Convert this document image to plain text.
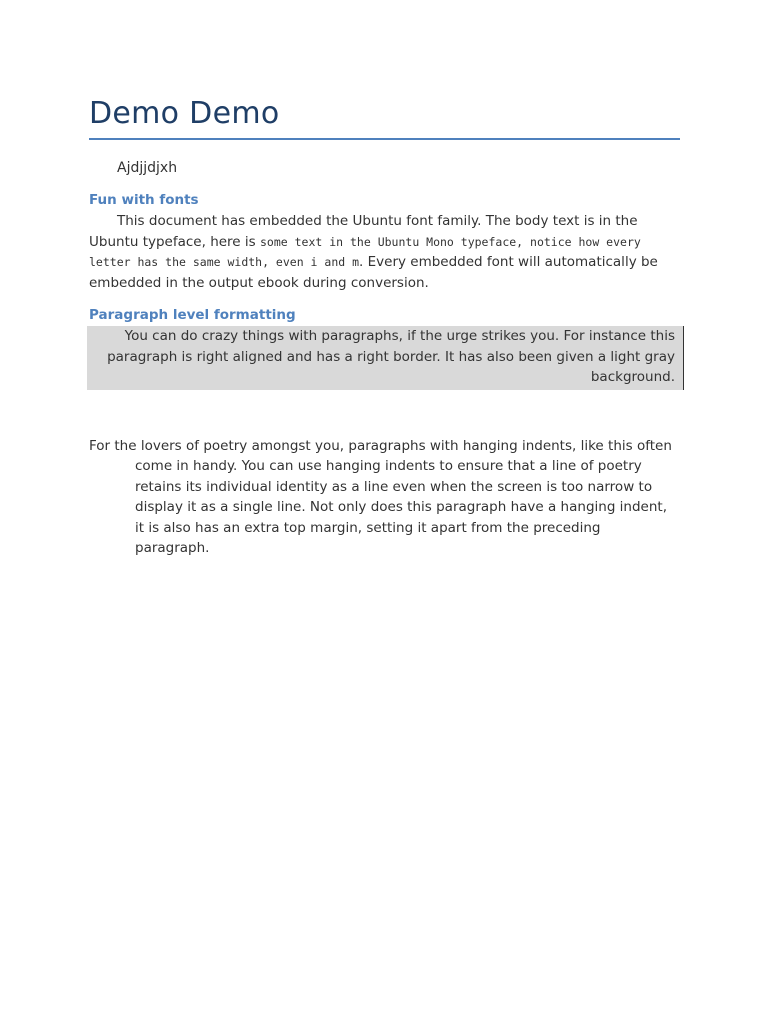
Demo Demo

Ajdjjdjxh

Fun with fonts

This document has embedded the Ubuntu font family. The body text is in the Ubuntu typeface, here is some text in the Ubuntu Mono typeface, notice how every letter has the same width, even i and m. Every embedded font will automatically be embedded in the output ebook during conversion.

Paragraph level formatting
You can do crazy things with paragraphs, if the urge strikes you. For instance this paragraph is right aligned and has a right border. It has also been given a light gray background.

For the lovers of poetry amongst you, paragraphs with hanging indents, like this often come in handy. You can use hanging indents to ensure that a line of poetry retains its individual identity as a line even when the screen is too narrow to display it as a single line. Not only does this paragraph have a hanging indent, it is also has an extra top margin, setting it apart from the preceding paragraph.
